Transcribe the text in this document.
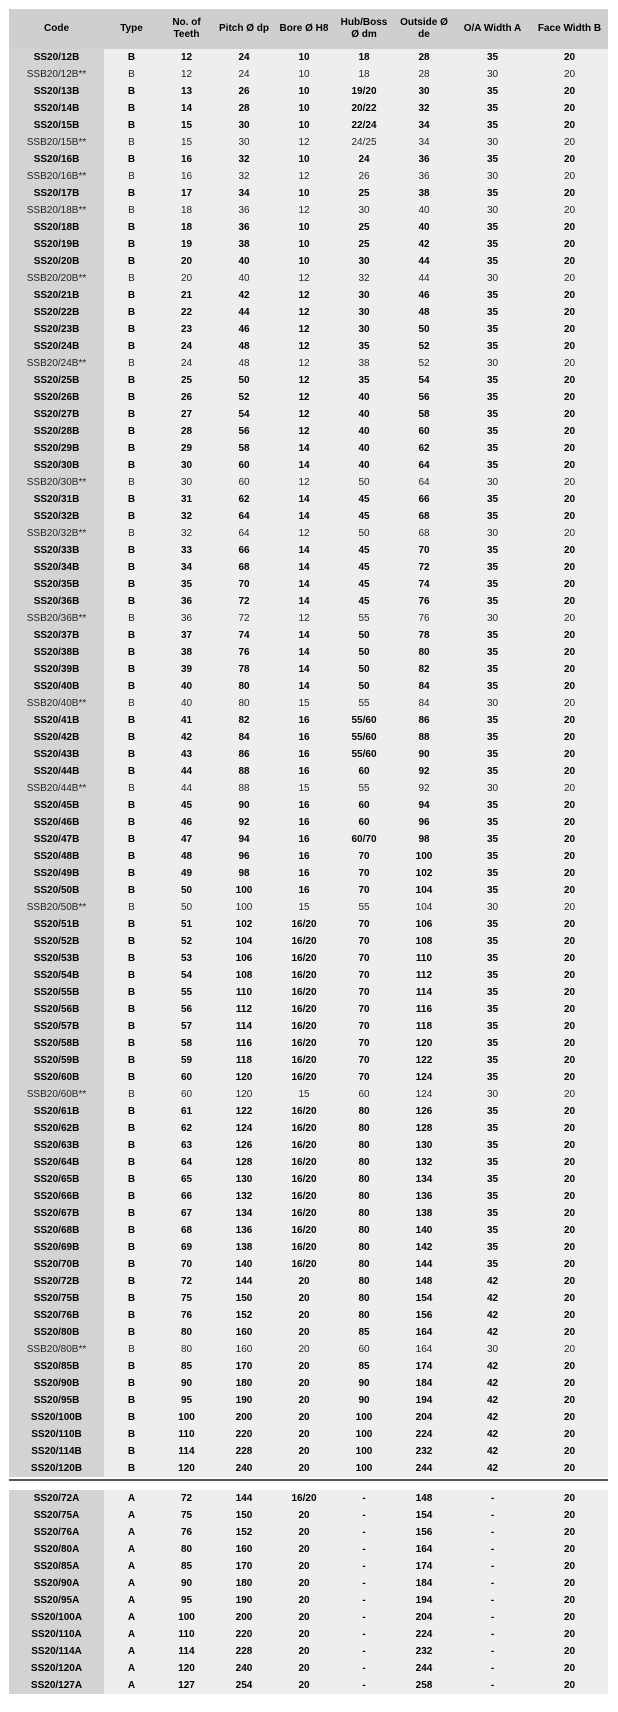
Code	Type	No. of Teeth	Pitch Ø dp	Bore Ø H8	Hub/Boss Ø dm	Outside Ø de	O/A Width A	Face Width B
SS20/12B	B	12	24	10	18	28	35	20
SSB20/12B**	B	12	24	10	18	28	30	20
SS20/13B	B	13	26	10	19/20	30	35	20
SS20/14B	B	14	28	10	20/22	32	35	20
SS20/15B	B	15	30	10	22/24	34	35	20
SSB20/15B**	B	15	30	12	24/25	34	30	20
SS20/16B	B	16	32	10	24	36	35	20
SSB20/16B**	B	16	32	12	26	36	30	20
SS20/17B	B	17	34	10	25	38	35	20
SSB20/18B**	B	18	36	12	30	40	30	20
SS20/18B	B	18	36	10	25	40	35	20
SS20/19B	B	19	38	10	25	42	35	20
SS20/20B	B	20	40	10	30	44	35	20
SSB20/20B**	B	20	40	12	32	44	30	20
SS20/21B	B	21	42	12	30	46	35	20
SS20/22B	B	22	44	12	30	48	35	20
SS20/23B	B	23	46	12	30	50	35	20
SS20/24B	B	24	48	12	35	52	35	20
SSB20/24B**	B	24	48	12	38	52	30	20
SS20/25B	B	25	50	12	35	54	35	20
SS20/26B	B	26	52	12	40	56	35	20
SS20/27B	B	27	54	12	40	58	35	20
SS20/28B	B	28	56	12	40	60	35	20
SS20/29B	B	29	58	14	40	62	35	20
SS20/30B	B	30	60	14	40	64	35	20
SSB20/30B**	B	30	60	12	50	64	30	20
SS20/31B	B	31	62	14	45	66	35	20
SS20/32B	B	32	64	14	45	68	35	20
SSB20/32B**	B	32	64	12	50	68	30	20
SS20/33B	B	33	66	14	45	70	35	20
SS20/34B	B	34	68	14	45	72	35	20
SS20/35B	B	35	70	14	45	74	35	20
SS20/36B	B	36	72	14	45	76	35	20
SSB20/36B**	B	36	72	12	55	76	30	20
SS20/37B	B	37	74	14	50	78	35	20
SS20/38B	B	38	76	14	50	80	35	20
SS20/39B	B	39	78	14	50	82	35	20
SS20/40B	B	40	80	14	50	84	35	20
SSB20/40B**	B	40	80	15	55	84	30	20
SS20/41B	B	41	82	16	55/60	86	35	20
SS20/42B	B	42	84	16	55/60	88	35	20
SS20/43B	B	43	86	16	55/60	90	35	20
SS20/44B	B	44	88	16	60	92	35	20
SSB20/44B**	B	44	88	15	55	92	30	20
SS20/45B	B	45	90	16	60	94	35	20
SS20/46B	B	46	92	16	60	96	35	20
SS20/47B	B	47	94	16	60/70	98	35	20
SS20/48B	B	48	96	16	70	100	35	20
SS20/49B	B	49	98	16	70	102	35	20
SS20/50B	B	50	100	16	70	104	35	20
SSB20/50B**	B	50	100	15	55	104	30	20
SS20/51B	B	51	102	16/20	70	106	35	20
SS20/52B	B	52	104	16/20	70	108	35	20
SS20/53B	B	53	106	16/20	70	110	35	20
SS20/54B	B	54	108	16/20	70	112	35	20
SS20/55B	B	55	110	16/20	70	114	35	20
SS20/56B	B	56	112	16/20	70	116	35	20
SS20/57B	B	57	114	16/20	70	118	35	20
SS20/58B	B	58	116	16/20	70	120	35	20
SS20/59B	B	59	118	16/20	70	122	35	20
SS20/60B	B	60	120	16/20	70	124	35	20
SSB20/60B**	B	60	120	15	60	124	30	20
SS20/61B	B	61	122	16/20	80	126	35	20
SS20/62B	B	62	124	16/20	80	128	35	20
SS20/63B	B	63	126	16/20	80	130	35	20
SS20/64B	B	64	128	16/20	80	132	35	20
SS20/65B	B	65	130	16/20	80	134	35	20
SS20/66B	B	66	132	16/20	80	136	35	20
SS20/67B	B	67	134	16/20	80	138	35	20
SS20/68B	B	68	136	16/20	80	140	35	20
SS20/69B	B	69	138	16/20	80	142	35	20
SS20/70B	B	70	140	16/20	80	144	35	20
SS20/72B	B	72	144	20	80	148	42	20
SS20/75B	B	75	150	20	80	154	42	20
SS20/76B	B	76	152	20	80	156	42	20
SS20/80B	B	80	160	20	85	164	42	20
SSB20/80B**	B	80	160	20	60	164	30	20
SS20/85B	B	85	170	20	85	174	42	20
SS20/90B	B	90	180	20	90	184	42	20
SS20/95B	B	95	190	20	90	194	42	20
SS20/100B	B	100	200	20	100	204	42	20
SS20/110B	B	110	220	20	100	224	42	20
SS20/114B	B	114	228	20	100	232	42	20
SS20/120B	B	120	240	20	100	244	42	20
SS20/72A	A	72	144	16/20	-	148	-	20
SS20/75A	A	75	150	20	-	154	-	20
SS20/76A	A	76	152	20	-	156	-	20
SS20/80A	A	80	160	20	-	164	-	20
SS20/85A	A	85	170	20	-	174	-	20
SS20/90A	A	90	180	20	-	184	-	20
SS20/95A	A	95	190	20	-	194	-	20
SS20/100A	A	100	200	20	-	204	-	20
SS20/110A	A	110	220	20	-	224	-	20
SS20/114A	A	114	228	20	-	232	-	20
SS20/120A	A	120	240	20	-	244	-	20
SS20/127A	A	127	254	20	-	258	-	20
